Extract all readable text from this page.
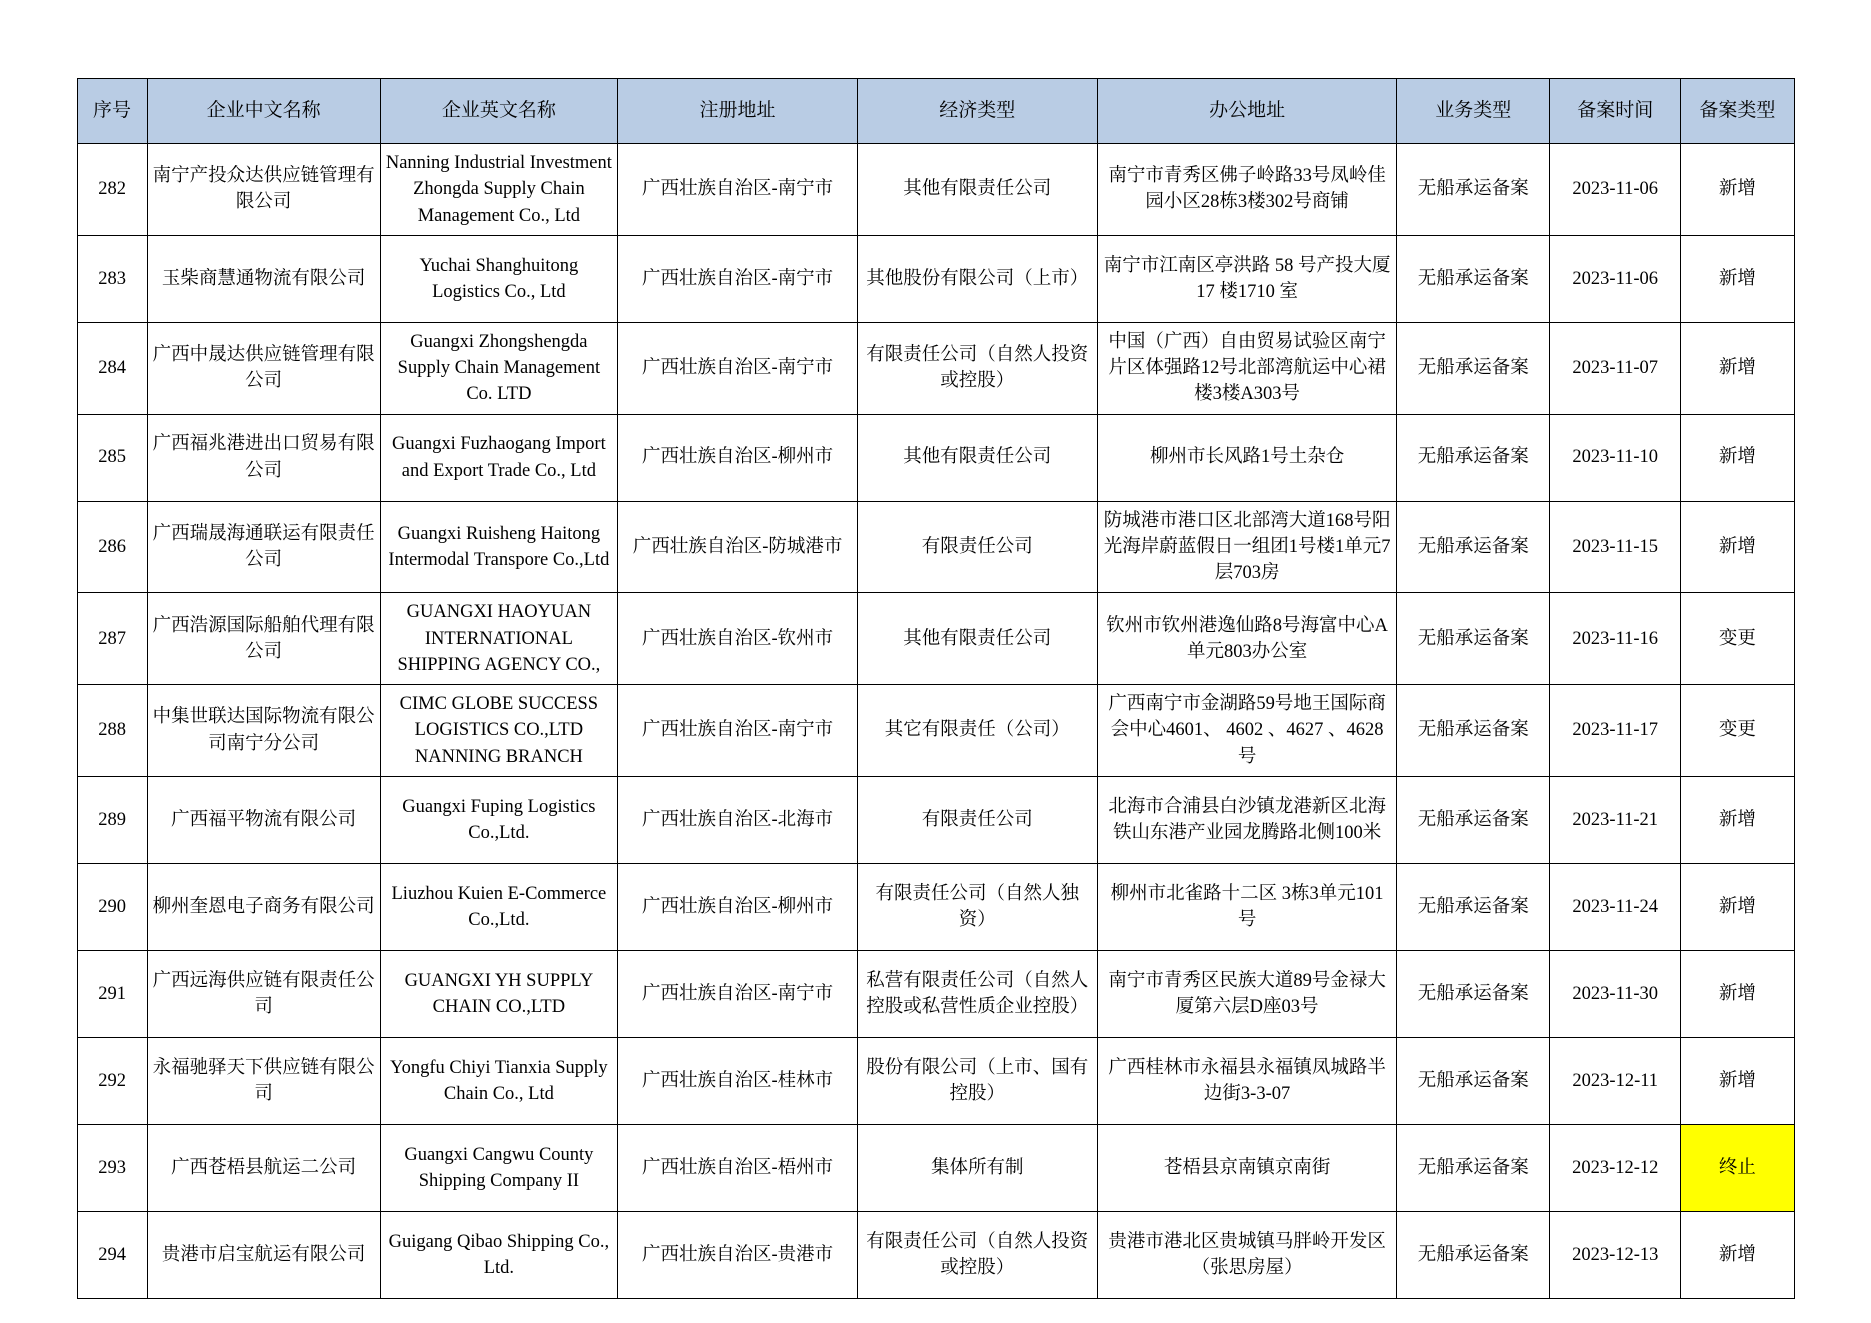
序号	企业中文名称	企业英文名称	注册地址	经济类型	办公地址	业务类型	备案时间	备案类型
282	南宁产投众达供应链管理有限公司	Nanning Industrial Investment Zhongda Supply Chain Management Co., Ltd	广西壮族自治区-南宁市	其他有限责任公司	南宁市青秀区佛子岭路33号凤岭佳园小区28栋3楼302号商铺	无船承运备案	2023-11-06	新增
283	玉柴商慧通物流有限公司	Yuchai Shanghuitong Logistics Co., Ltd	广西壮族自治区-南宁市	其他股份有限公司（上市）	南宁市江南区亭洪路 58 号产投大厦 17 楼1710 室	无船承运备案	2023-11-06	新增
284	广西中晟达供应链管理有限公司	Guangxi Zhongshengda Supply Chain Management Co. LTD	广西壮族自治区-南宁市	有限责任公司（自然人投资或控股）	中国（广西）自由贸易试验区南宁片区体强路12号北部湾航运中心裙楼3楼A303号	无船承运备案	2023-11-07	新增
285	广西福兆港进出口贸易有限公司	Guangxi Fuzhaogang Import and Export Trade Co., Ltd	广西壮族自治区-柳州市	其他有限责任公司	柳州市长风路1号土杂仓	无船承运备案	2023-11-10	新增
286	广西瑞晟海通联运有限责任公司	Guangxi Ruisheng Haitong Intermodal Transpore Co.,Ltd	广西壮族自治区-防城港市	有限责任公司	防城港市港口区北部湾大道168号阳光海岸蔚蓝假日一组团1号楼1单元7层703房	无船承运备案	2023-11-15	新增
287	广西浩源国际船舶代理有限公司	GUANGXI HAOYUAN INTERNATIONAL SHIPPING AGENCY CO.,	广西壮族自治区-钦州市	其他有限责任公司	钦州市钦州港逸仙路8号海富中心A单元803办公室	无船承运备案	2023-11-16	变更
288	中集世联达国际物流有限公司南宁分公司	CIMC GLOBE SUCCESS LOGISTICS CO.,LTD NANNING BRANCH	广西壮族自治区-南宁市	其它有限责任（公司）	广西南宁市金湖路59号地王国际商会中心4601、 4602 、4627 、4628号	无船承运备案	2023-11-17	变更
289	广西福平物流有限公司	Guangxi Fuping Logistics Co.,Ltd.	广西壮族自治区-北海市	有限责任公司	北海市合浦县白沙镇龙港新区北海铁山东港产业园龙腾路北侧100米	无船承运备案	2023-11-21	新增
290	柳州奎恩电子商务有限公司	Liuzhou Kuien E-Commerce Co.,Ltd.	广西壮族自治区-柳州市	有限责任公司（自然人独资）	柳州市北雀路十二区 3栋3单元101号	无船承运备案	2023-11-24	新增
291	广西远海供应链有限责任公司	GUANGXI YH SUPPLY CHAIN CO.,LTD	广西壮族自治区-南宁市	私营有限责任公司（自然人控股或私营性质企业控股）	南宁市青秀区民族大道89号金禄大厦第六层D座03号	无船承运备案	2023-11-30	新增
292	永福驰驿天下供应链有限公司	Yongfu Chiyi Tianxia Supply Chain Co., Ltd	广西壮族自治区-桂林市	股份有限公司（上市、国有控股）	广西桂林市永福县永福镇凤城路半边街3-3-07	无船承运备案	2023-12-11	新增
293	广西苍梧县航运二公司	Guangxi Cangwu County Shipping Company II	广西壮族自治区-梧州市	集体所有制	苍梧县京南镇京南街	无船承运备案	2023-12-12	终止
294	贵港市启宝航运有限公司	Guigang Qibao Shipping Co., Ltd.	广西壮族自治区-贵港市	有限责任公司（自然人投资或控股）	贵港市港北区贵城镇马胖岭开发区（张思房屋）	无船承运备案	2023-12-13	新增
